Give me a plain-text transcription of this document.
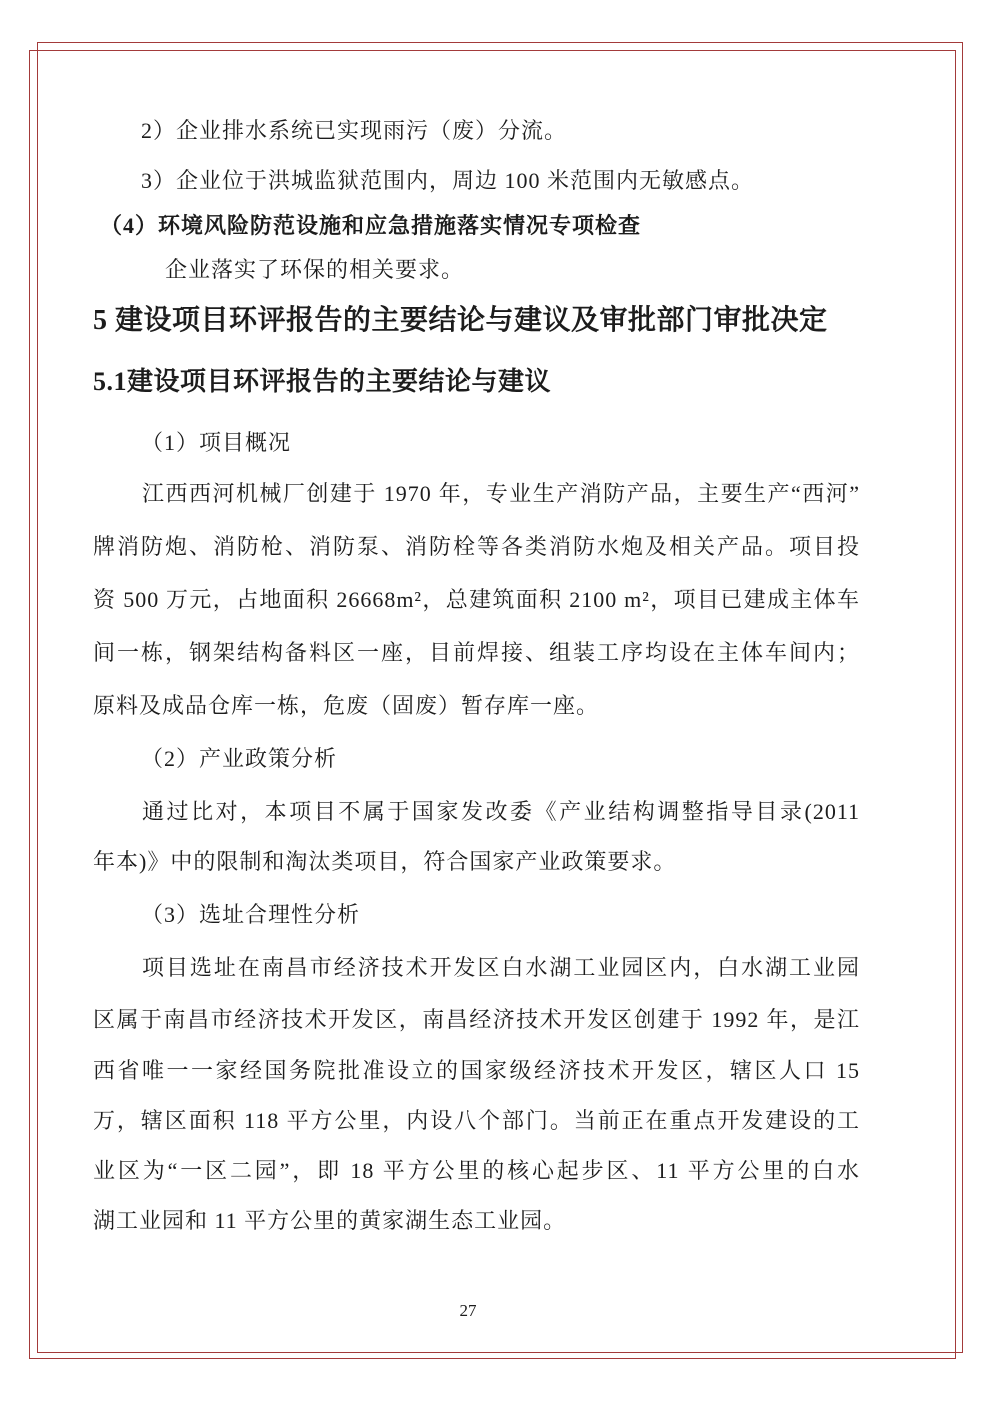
2）企业排水系统已实现雨污（废）分流。
3）企业位于洪城监狱范围内，周边 100 米范围内无敏感点。
（4）环境风险防范设施和应急措施落实情况专项检查
企业落实了环保的相关要求。
5 建设项目环评报告的主要结论与建议及审批部门审批决定
5.1建设项目环评报告的主要结论与建议
（1）项目概况
江西西河机械厂创建于 1970 年，专业生产消防产品，主要生产“西河”
牌消防炮、消防枪、消防泵、消防栓等各类消防水炮及相关产品。项目投
资 500 万元，占地面积 26668m²，总建筑面积 2100 m²，项目已建成主体车
间一栋，钢架结构备料区一座，目前焊接、组装工序均设在主体车间内；
原料及成品仓库一栋，危废（固废）暂存库一座。
（2）产业政策分析
通过比对，本项目不属于国家发改委《产业结构调整指导目录(2011
年本)》中的限制和淘汰类项目，符合国家产业政策要求。
（3）选址合理性分析
项目选址在南昌市经济技术开发区白水湖工业园区内，白水湖工业园
区属于南昌市经济技术开发区，南昌经济技术开发区创建于 1992 年，是江
西省唯一一家经国务院批准设立的国家级经济技术开发区，辖区人口 15
万，辖区面积 118 平方公里，内设八个部门。当前正在重点开发建设的工
业区为“一区二园”，即 18 平方公里的核心起步区、11 平方公里的白水
湖工业园和 11 平方公里的黄家湖生态工业园。
27
